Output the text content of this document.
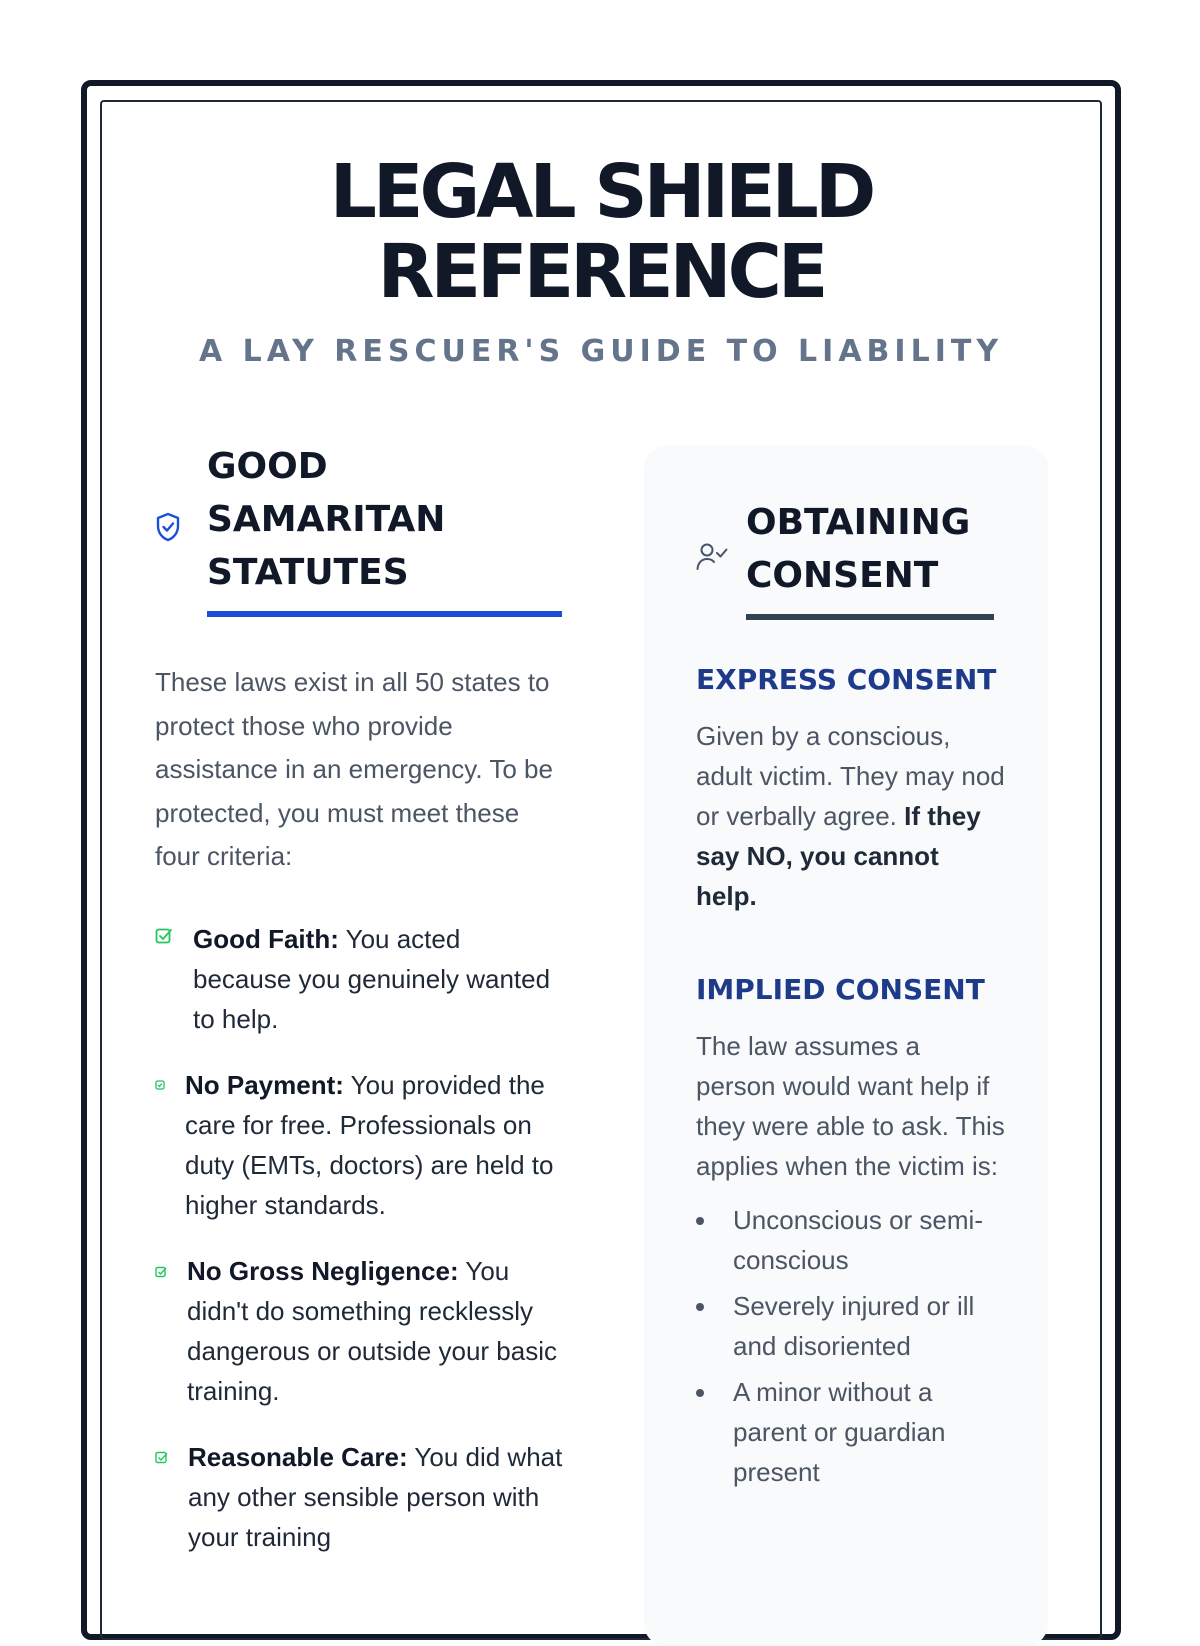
LEGAL SHIELD
REFERENCE

A LAY RESCUER'S GUIDE TO LIABILITY

GOOD
SAMARITAN
STATUTES

These laws exist in all 50 states to protect those who provide assistance in an emergency. To be protected, you must meet these four criteria:

Good Faith: You acted because you genuinely wanted to help.
No Payment: You provided the care for free. Professionals on duty (EMTs, doctors) are held to higher standards.
No Gross Negligence: You didn't do something recklessly dangerous or outside your basic training.
Reasonable Care: You did what any other sensible person with your training
OBTAINING
CONSENT
EXPRESS CONSENT

Given by a conscious, adult victim. They may nod or verbally agree. If they say NO, you cannot help.

IMPLIED CONSENT

The law assumes a person would want help if they were able to ask. This applies when the victim is:

Unconscious or semi-conscious
Severely injured or ill and disoriented
A minor without a parent or guardian present
